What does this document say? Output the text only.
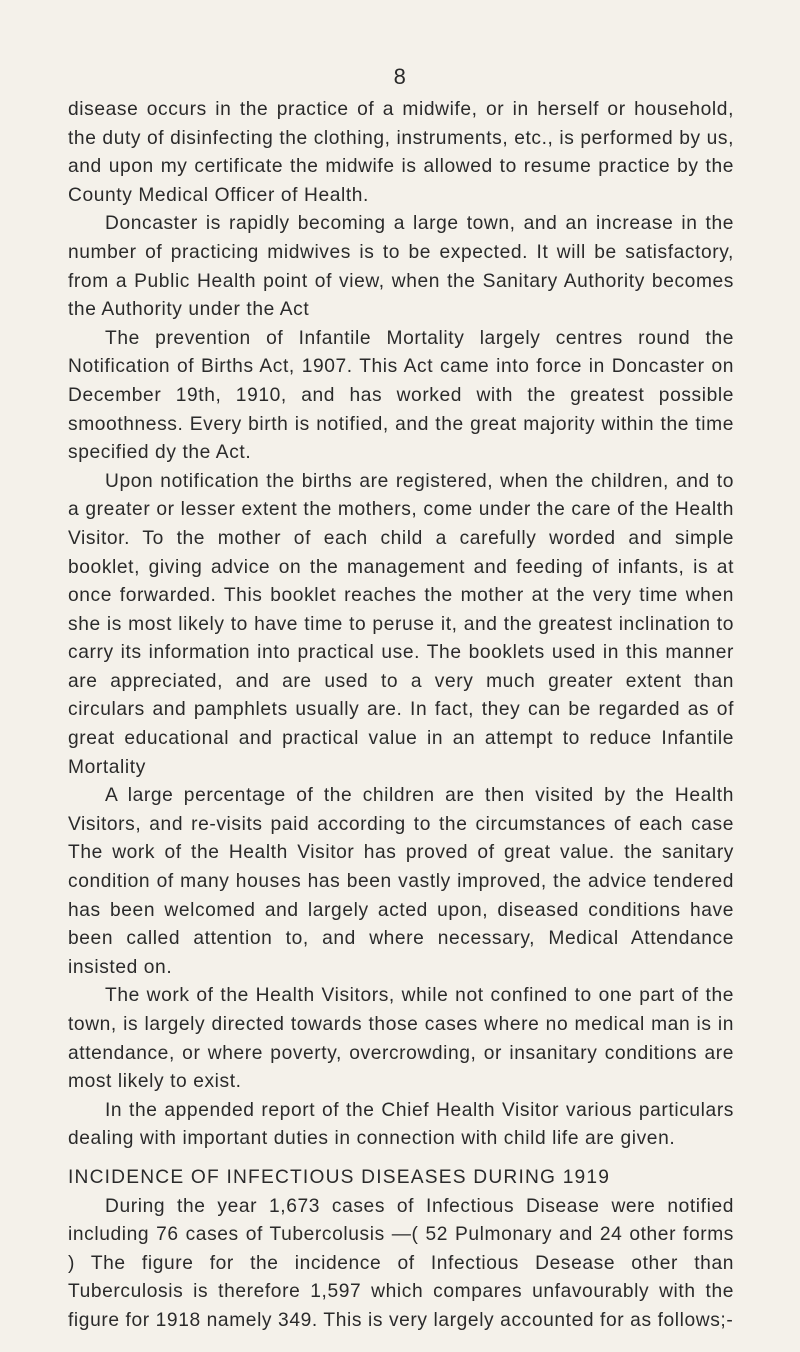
8

disease occurs in the practice of a midwife, or in herself or household, the duty of disinfecting the clothing, instruments, etc., is performed by us, and upon my certificate the midwife is allowed to resume practice by the County Medical Officer of Health.

Doncaster is rapidly becoming a large town, and an increase in the number of practicing midwives is to be expected. It will be satisfactory, from a Public Health point of view, when the Sanitary Authority becomes the Authority under the Act

The prevention of Infantile Mortality largely centres round the Notification of Births Act, 1907. This Act came into force in Doncaster on December 19th, 1910, and has worked with the greatest possible smoothness. Every birth is notified, and the great majority within the time specified dy the Act.

Upon notification the births are registered, when the children, and to a greater or lesser extent the mothers, come under the care of the Health Visitor. To the mother of each child a carefully worded and simple booklet, giving advice on the management and feeding of infants, is at once forwarded. This booklet reaches the mother at the very time when she is most likely to have time to peruse it, and the greatest inclination to carry its information into practical use. The booklets used in this manner are appreciated, and are used to a very much greater extent than circulars and pamphlets usually are. In fact, they can be regarded as of great educational and practical value in an attempt to reduce Infantile Mortality

A large percentage of the children are then visited by the Health Visitors, and re-visits paid according to the circumstances of each case The work of the Health Visitor has proved of great value. the sanitary condition of many houses has been vastly improved, the advice tendered has been welcomed and largely acted upon, diseased conditions have been called attention to, and where necessary, Medical Attendance insisted on.

The work of the Health Visitors, while not confined to one part of the town, is largely directed towards those cases where no medical man is in attendance, or where poverty, overcrowding, or insanitary conditions are most likely to exist.

In the appended report of the Chief Health Visitor various particulars dealing with important duties in connection with child life are given.

INCIDENCE OF INFECTIOUS DISEASES DURING 1919

During the year 1,673 cases of Infectious Disease were notified including 76 cases of Tubercolusis —( 52 Pulmonary and 24 other forms ) The figure for the incidence of Infectious Desease other than Tuberculosis is therefore 1,597 which compares unfavourably with the figure for 1918 namely 349. This is very largely accounted for as follows;-
